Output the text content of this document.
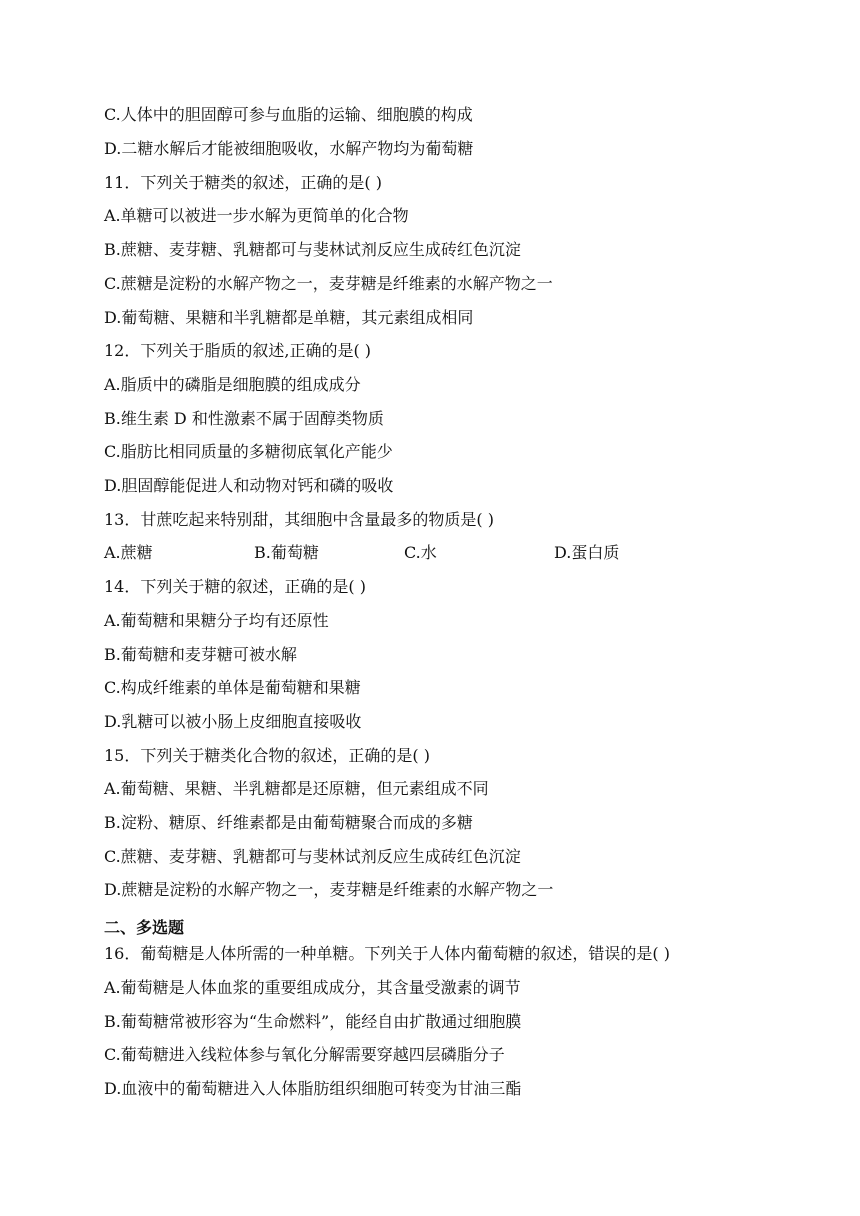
C.人体中的胆固醇可参与血脂的运输、细胞膜的构成
D.二糖水解后才能被细胞吸收，水解产物均为葡萄糖
11．下列关于糖类的叙述，正确的是( )
A.单糖可以被进一步水解为更简单的化合物
B.蔗糖、麦芽糖、乳糖都可与斐林试剂反应生成砖红色沉淀
C.蔗糖是淀粉的水解产物之一，麦芽糖是纤维素的水解产物之一
D.葡萄糖、果糖和半乳糖都是单糖，其元素组成相同
12．下列关于脂质的叙述,正确的是( )
A.脂质中的磷脂是细胞膜的组成成分
B.维生素 D 和性激素不属于固醇类物质
C.脂肪比相同质量的多糖彻底氧化产能少
D.胆固醇能促进人和动物对钙和磷的吸收
13．甘蔗吃起来特别甜，其细胞中含量最多的物质是( )
A.蔗糖	B.葡萄糖	C.水	D.蛋白质
14．下列关于糖的叙述，正确的是( )
A.葡萄糖和果糖分子均有还原性
B.葡萄糖和麦芽糖可被水解
C.构成纤维素的单体是葡萄糖和果糖
D.乳糖可以被小肠上皮细胞直接吸收
15．下列关于糖类化合物的叙述，正确的是( )
A.葡萄糖、果糖、半乳糖都是还原糖，但元素组成不同
B.淀粉、糖原、纤维素都是由葡萄糖聚合而成的多糖
C.蔗糖、麦芽糖、乳糖都可与斐林试剂反应生成砖红色沉淀
D.蔗糖是淀粉的水解产物之一，麦芽糖是纤维素的水解产物之一
二、多选题
16．葡萄糖是人体所需的一种单糖。下列关于人体内葡萄糖的叙述，错误的是( )
A.葡萄糖是人体血浆的重要组成成分，其含量受激素的调节
B.葡萄糖常被形容为“生命燃料”，能经自由扩散通过细胞膜
C.葡萄糖进入线粒体参与氧化分解需要穿越四层磷脂分子
D.血液中的葡萄糖进入人体脂肪组织细胞可转变为甘油三酯
